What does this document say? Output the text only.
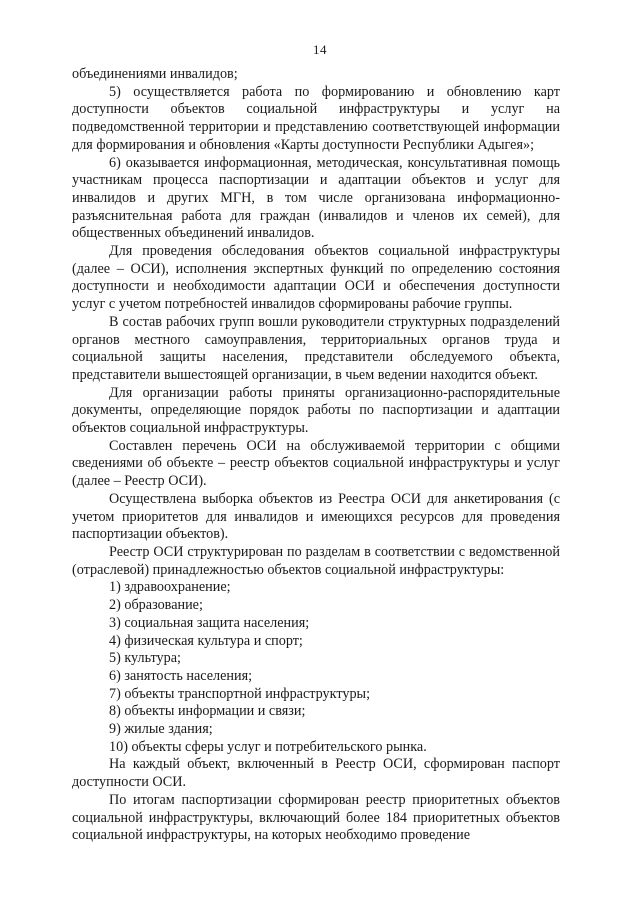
14

объединениями инвалидов;

5) осуществляется работа по формированию и обновлению карт доступности объектов социальной инфраструктуры и услуг на подведомственной территории и представлению соответствующей информации для формирования и обновления «Карты доступности Республики Адыгея»;

6) оказывается информационная, методическая, консультативная помощь участникам процесса паспортизации и адаптации объектов и услуг для инвалидов и других МГН, в том числе организована информационно-разъяснительная работа для граждан (инвалидов и членов их семей), для общественных объединений инвалидов.

Для проведения обследования объектов социальной инфраструктуры (далее – ОСИ), исполнения экспертных функций по определению состояния доступности и необходимости адаптации ОСИ и обеспечения доступности услуг с учетом потребностей инвалидов сформированы рабочие группы.

В состав рабочих групп вошли руководители структурных подразделений органов местного самоуправления, территориальных органов труда и социальной защиты населения, представители обследуемого объекта, представители вышестоящей организации, в чьем ведении находится объект.

Для организации работы приняты организационно-распорядительные документы, определяющие порядок работы по паспортизации и адаптации объектов социальной инфраструктуры.

Составлен перечень ОСИ на обслуживаемой территории с общими сведениями об объекте – реестр объектов социальной инфраструктуры и услуг (далее – Реестр ОСИ).

Осуществлена выборка объектов из Реестра ОСИ для анкетирования (с учетом приоритетов для инвалидов и имеющихся ресурсов для проведения паспортизации объектов).

Реестр ОСИ структурирован по разделам в соответствии с ведомственной (отраслевой) принадлежностью объектов социальной инфраструктуры:

1) здравоохранение;

2) образование;

3) социальная защита населения;

4) физическая культура и спорт;

5) культура;

6) занятость населения;

7) объекты транспортной инфраструктуры;

8) объекты информации и связи;

9) жилые здания;

10) объекты сферы услуг и потребительского рынка.

На каждый объект, включенный в Реестр ОСИ, сформирован паспорт доступности ОСИ.

По итогам паспортизации сформирован реестр приоритетных объектов социальной инфраструктуры, включающий более 184 приоритетных объектов социальной инфраструктуры, на которых необходимо проведение
